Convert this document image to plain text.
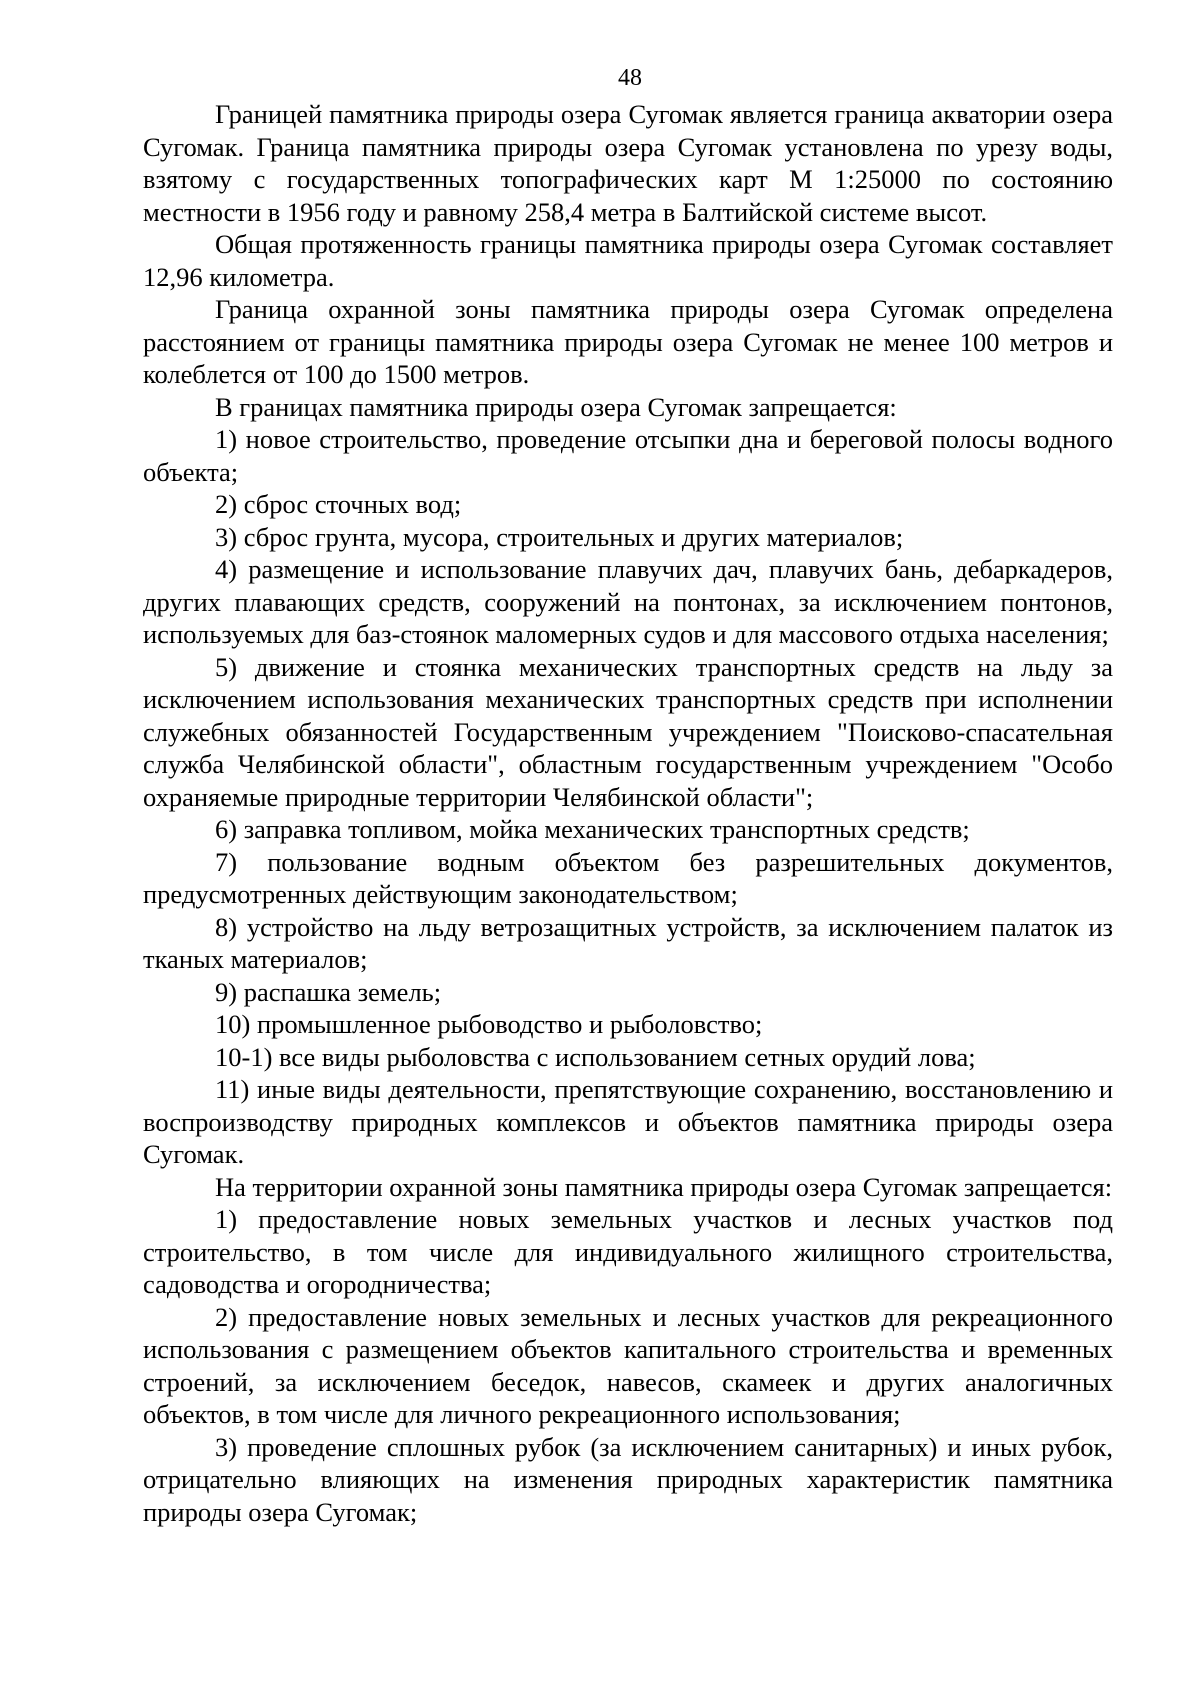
48

Границей памятника природы озера Сугомак является граница акватории озера Сугомак. Граница памятника природы озера Сугомак установлена по урезу воды, взятому с государственных топографических карт М 1:25000 по состоянию местности в 1956 году и равному 258,4 метра в Балтийской системе высот.

Общая протяженность границы памятника природы озера Сугомак составляет 12,96 километра.

Граница охранной зоны памятника природы озера Сугомак определена расстоянием от границы памятника природы озера Сугомак не менее 100 метров и колеблется от 100 до 1500 метров.

В границах памятника природы озера Сугомак запрещается:

1) новое строительство, проведение отсыпки дна и береговой полосы водного объекта;

2) сброс сточных вод;

3) сброс грунта, мусора, строительных и других материалов;

4) размещение и использование плавучих дач, плавучих бань, дебаркадеров, других плавающих средств, сооружений на понтонах, за исключением понтонов, используемых для баз-стоянок маломерных судов и для массового отдыха населения;

5) движение и стоянка механических транспортных средств на льду за исключением использования механических транспортных средств при исполнении служебных обязанностей Государственным учреждением "Поисково-спасательная служба Челябинской области", областным государственным учреждением "Особо охраняемые природные территории Челябинской области";

6) заправка топливом, мойка механических транспортных средств;

7) пользование водным объектом без разрешительных документов, предусмотренных действующим законодательством;

8) устройство на льду ветрозащитных устройств, за исключением палаток из тканых материалов;

9) распашка земель;

10) промышленное рыбоводство и рыболовство;

10-1) все виды рыболовства с использованием сетных орудий лова;

11) иные виды деятельности, препятствующие сохранению, восстановлению и воспроизводству природных комплексов и объектов памятника природы озера Сугомак.

На территории охранной зоны памятника природы озера Сугомак запрещается:

1) предоставление новых земельных участков и лесных участков под строительство, в том числе для индивидуального жилищного строительства, садоводства и огородничества;

2) предоставление новых земельных и лесных участков для рекреационного использования с размещением объектов капитального строительства и временных строений, за исключением беседок, навесов, скамеек и других аналогичных объектов, в том числе для личного рекреационного использования;

3) проведение сплошных рубок (за исключением санитарных) и иных рубок, отрицательно влияющих на изменения природных характеристик памятника природы озера Сугомак;
